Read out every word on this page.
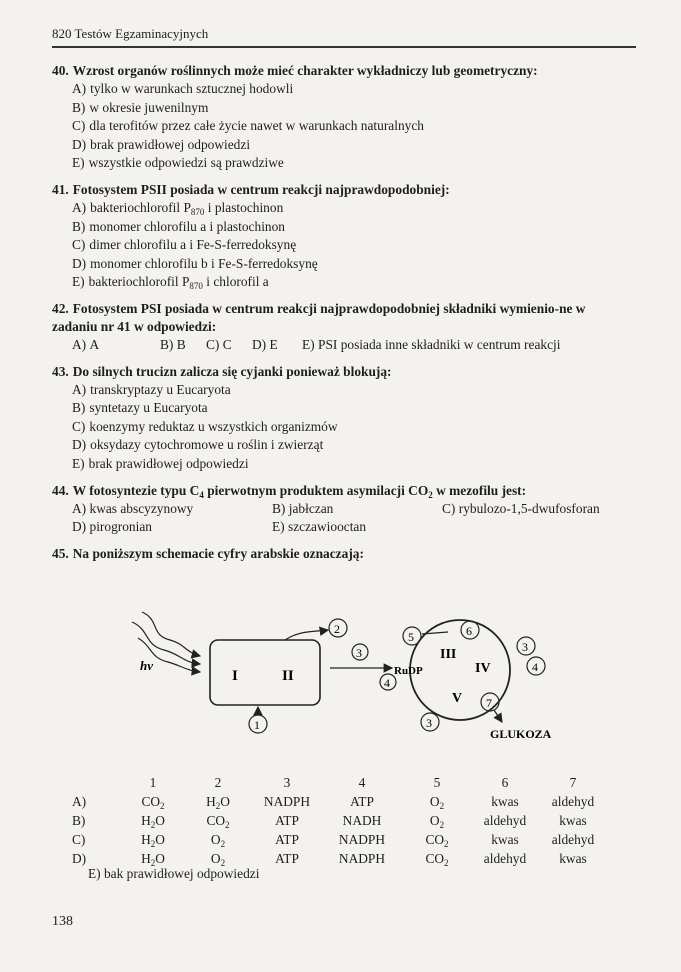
820 Testów Egzaminacyjnych
40. Wzrost organów roślinnych może mieć charakter wykładniczy lub geometryczny:
A) tylko w warunkach sztucznej hodowli
B) w okresie juwenilnym
C) dla terofitów przez całe życie nawet w warunkach naturalnych
D) brak prawidłowej odpowiedzi
E) wszystkie odpowiedzi są prawdziwe
41. Fotosystem PSII posiada w centrum reakcji najprawdopodobniej:
A) bakteriochlorofil $P_{870}$ i plastochinon
B) monomer chlorofilu a i plastochinon
C) dimer chlorofilu a i Fe-S-ferredoksynę
D) monomer chlorofilu b i Fe-S-ferredoksynę
E) bakteriochlorofil $P_{870}$ i chlorofil a
42. Fotosystem PSI posiada w centrum reakcji najprawdopodobniej składniki wymienio-ne w zadaniu nr 41 w odpowiedzi:
A) A	B) B	C) C	D) E	E) PSI posiada inne składniki w centrum reakcji
43. Do silnych trucizn zalicza się cyjanki ponieważ blokują:
A) transkryptazy u Eucaryota
B) syntetazy u Eucaryota
C) koenzymy reduktaz u wszystkich organizmów
D) oksydazy cytochromowe u roślin i zwierząt
E) brak prawidłowej odpowiedzi
44. W fotosyntezie typu $C_4$ pierwotnym produktem asymilacji $CO_2$ w mezofilu jest:
A) kwas abscyzynowy	B) jabłczan	C) rybulozo-1,5-dwufosforan
D) pirogronian	E) szczawiooctan
45. Na poniższym schemacie cyfry arabskie oznaczają:
hv
I	II
2
1
3
4
RuDP
III
IV
V
5	6
3
4
7
GLUKOZA
3
	1	2	3	4	5	6	7
A)	$CO_2$	$H_2O$	NADPH	ATP	$O_2$	kwas	aldehyd
B)	$H_2O$	$CO_2$	ATP	NADH	$O_2$	aldehyd	kwas
C)	$H_2O$	$O_2$	ATP	NADPH	$CO_2$	kwas	aldehyd
D)	$H_2O$	$O_2$	ATP	NADPH	$CO_2$	aldehyd	kwas
E) bak prawidłowej odpowiedzi
138
